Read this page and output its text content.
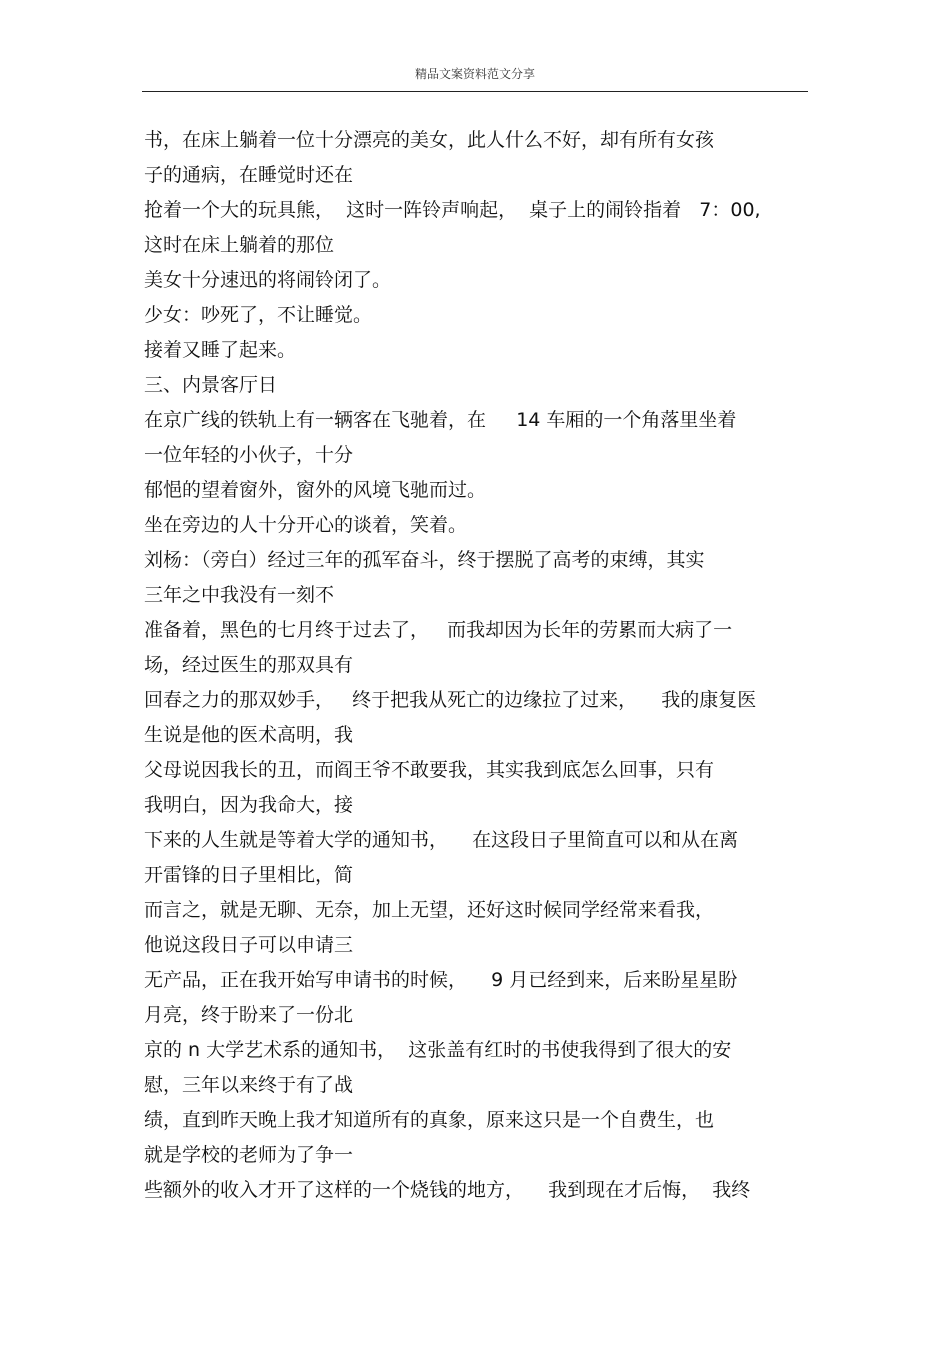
精品文案资料范文分享
书，在床上躺着一位十分漂亮的美女，此人什么不好，却有所有女孩
子的通病，在睡觉时还在
抢着一个大的玩具熊，  这时一阵铃声响起，  桌子上的闹铃指着   7：00,
这时在床上躺着的那位
美女十分速迅的将闹铃闭了。
少女：吵死了，不让睡觉。
接着又睡了起来。
三、内景客厅日
在京广线的铁轨上有一辆客在飞驰着，在     14 车厢的一个角落里坐着
一位年轻的小伙子，十分
郁悒的望着窗外，窗外的风境飞驰而过。
坐在旁边的人十分开心的谈着，笑着。
刘杨：（旁白）经过三年的孤军奋斗，终于摆脱了高考的束缚，其实
三年之中我没有一刻不
准备着，黑色的七月终于过去了，   而我却因为长年的劳累而大病了一
场，经过医生的那双具有
回春之力的那双妙手，   终于把我从死亡的边缘拉了过来，    我的康复医
生说是他的医术高明，我
父母说因我长的丑，而阎王爷不敢要我，其实我到底怎么回事，只有
我明白，因为我命大，接
下来的人生就是等着大学的通知书，    在这段日子里简直可以和从在离
开雷锋的日子里相比，简
而言之，就是无聊、无奈，加上无望，还好这时候同学经常来看我，
他说这段日子可以申请三
无产品，正在我开始写申请书的时候，    9 月已经到来，后来盼星星盼
月亮，终于盼来了一份北
京的 n 大学艺术系的通知书，  这张盖有红时的书使我得到了很大的安
慰，三年以来终于有了战
绩，直到昨天晚上我才知道所有的真象，原来这只是一个自费生，也
就是学校的老师为了争一
些额外的收入才开了这样的一个烧钱的地方，    我到现在才后悔，  我终
